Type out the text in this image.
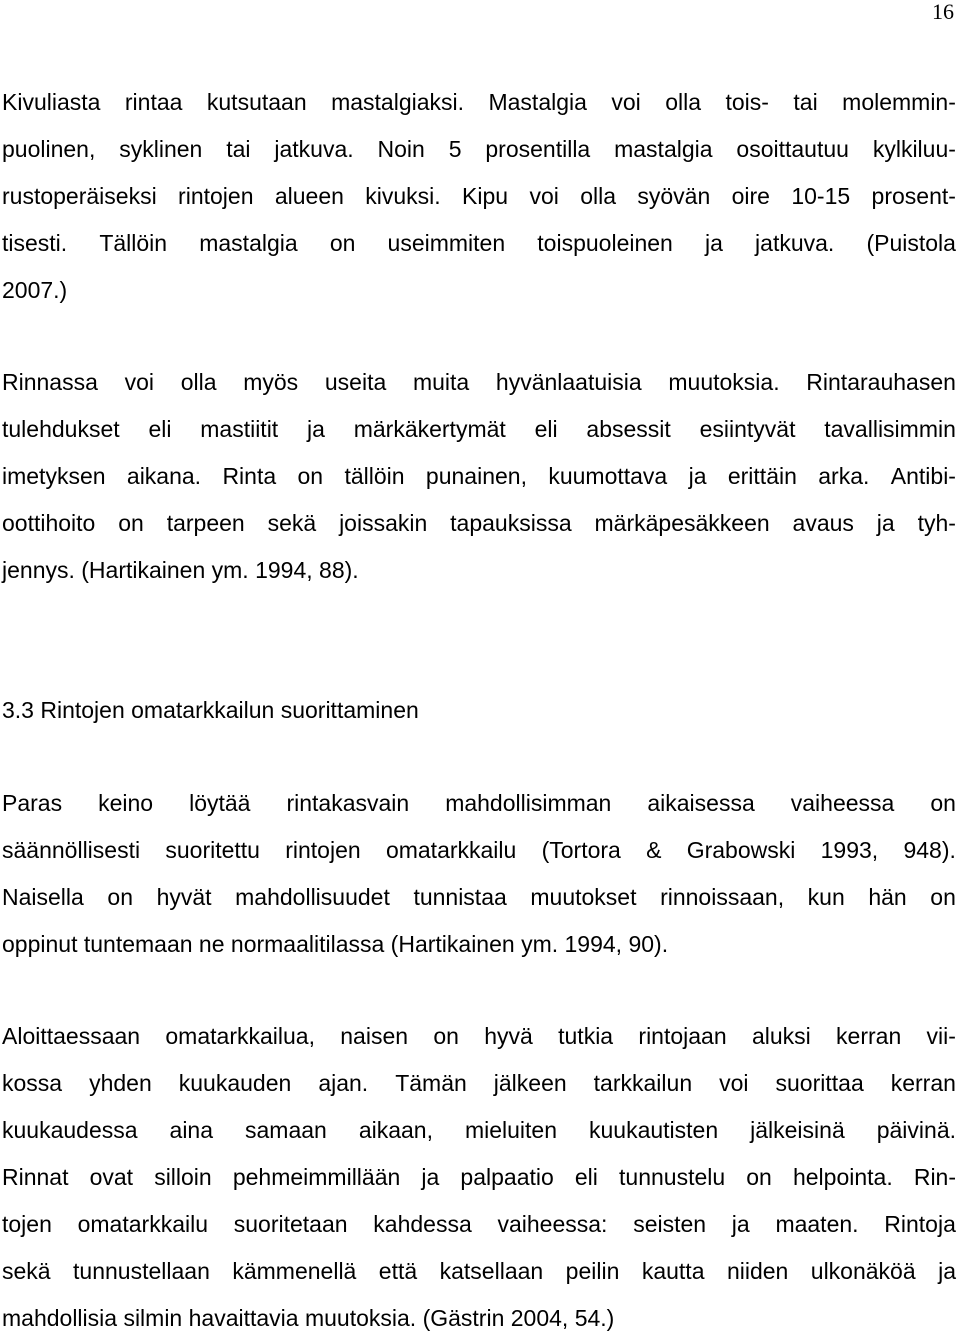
16
Kivuliasta rintaa kutsutaan mastalgiaksi. Mastalgia voi olla tois- tai molemmin-
puolinen, syklinen tai jatkuva. Noin 5 prosentilla mastalgia osoittautuu kylkiluu-
rustoperäiseksi rintojen alueen kivuksi. Kipu voi olla syövän oire 10-15 prosent-
tisesti. Tällöin mastalgia on useimmiten toispuoleinen ja jatkuva. (Puistola
2007.)
Rinnassa voi olla myös useita muita hyvänlaatuisia muutoksia. Rintarauhasen
tulehdukset eli mastiitit ja märkäkertymät eli absessit esiintyvät tavallisimmin
imetyksen aikana. Rinta on tällöin punainen, kuumottava ja erittäin arka. Antibi-
oottihoito on tarpeen sekä joissakin tapauksissa märkäpesäkkeen avaus ja tyh-
jennys. (Hartikainen ym. 1994, 88).
3.3 Rintojen omatarkkailun suorittaminen
Paras keino löytää rintakasvain mahdollisimman aikaisessa vaiheessa on
säännöllisesti suoritettu rintojen omatarkkailu (Tortora & Grabowski 1993, 948).
Naisella on hyvät mahdollisuudet tunnistaa muutokset rinnoissaan, kun hän on
oppinut tuntemaan ne normaalitilassa (Hartikainen ym. 1994, 90).
Aloittaessaan omatarkkailua, naisen on hyvä tutkia rintojaan aluksi kerran vii-
kossa yhden kuukauden ajan. Tämän jälkeen tarkkailun voi suorittaa kerran
kuukaudessa aina samaan aikaan, mieluiten kuukautisten jälkeisinä päivinä.
Rinnat ovat silloin pehmeimmillään ja palpaatio eli tunnustelu on helpointa. Rin-
tojen omatarkkailu suoritetaan kahdessa vaiheessa: seisten ja maaten. Rintoja
sekä tunnustellaan kämmenellä että katsellaan peilin kautta niiden ulkonäköä ja
mahdollisia silmin havaittavia muutoksia. (Gästrin 2004, 54.)
